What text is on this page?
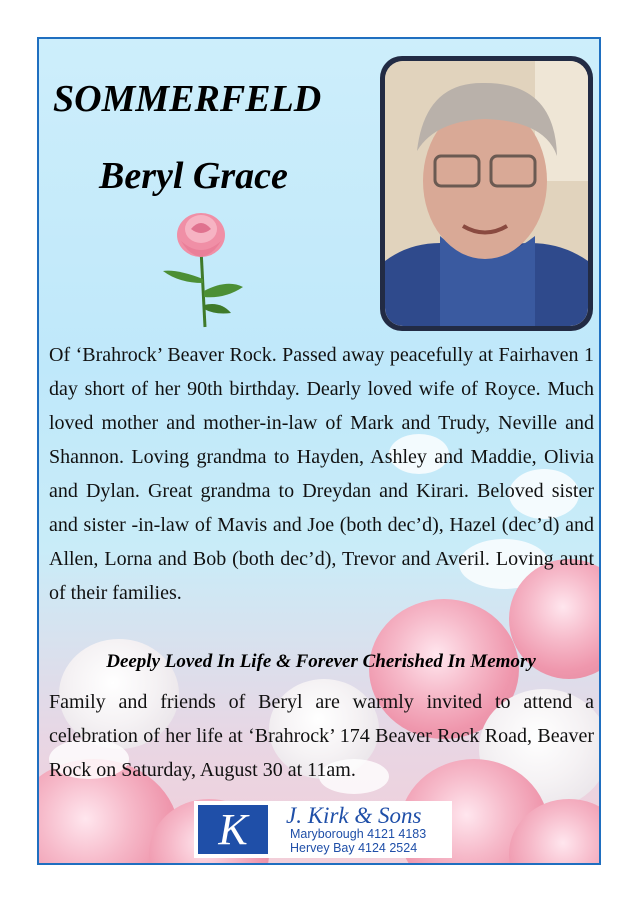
SOMMERFELD
Beryl Grace

Of ‘Brahrock’ Beaver Rock. Passed away peacefully at Fairhaven 1 day short of her 90th birthday. Dearly loved wife of Royce. Much loved mother and mother-in-law of Mark and Trudy, Neville and Shannon. Loving grandma to Hayden, Ashley and Maddie, Olivia and Dylan. Great grandma to Dreydan and Kirari. Beloved sister and sister -in-law of Mavis and Joe (both dec’d), Hazel (dec’d) and Allen, Lorna and Bob (both dec’d), Trevor and Averil. Loving aunt of their families.

Deeply Loved In Life & Forever Cherished In Memory

Family and friends of Beryl are warmly invited to attend a celebration of her life at ‘Brahrock’ 174 Beaver Rock Road, Beaver Rock on Saturday, August 30 at 11am.

K	J. Kirk & Sons
Maryborough 4121 4183
Hervey Bay 4124 2524
